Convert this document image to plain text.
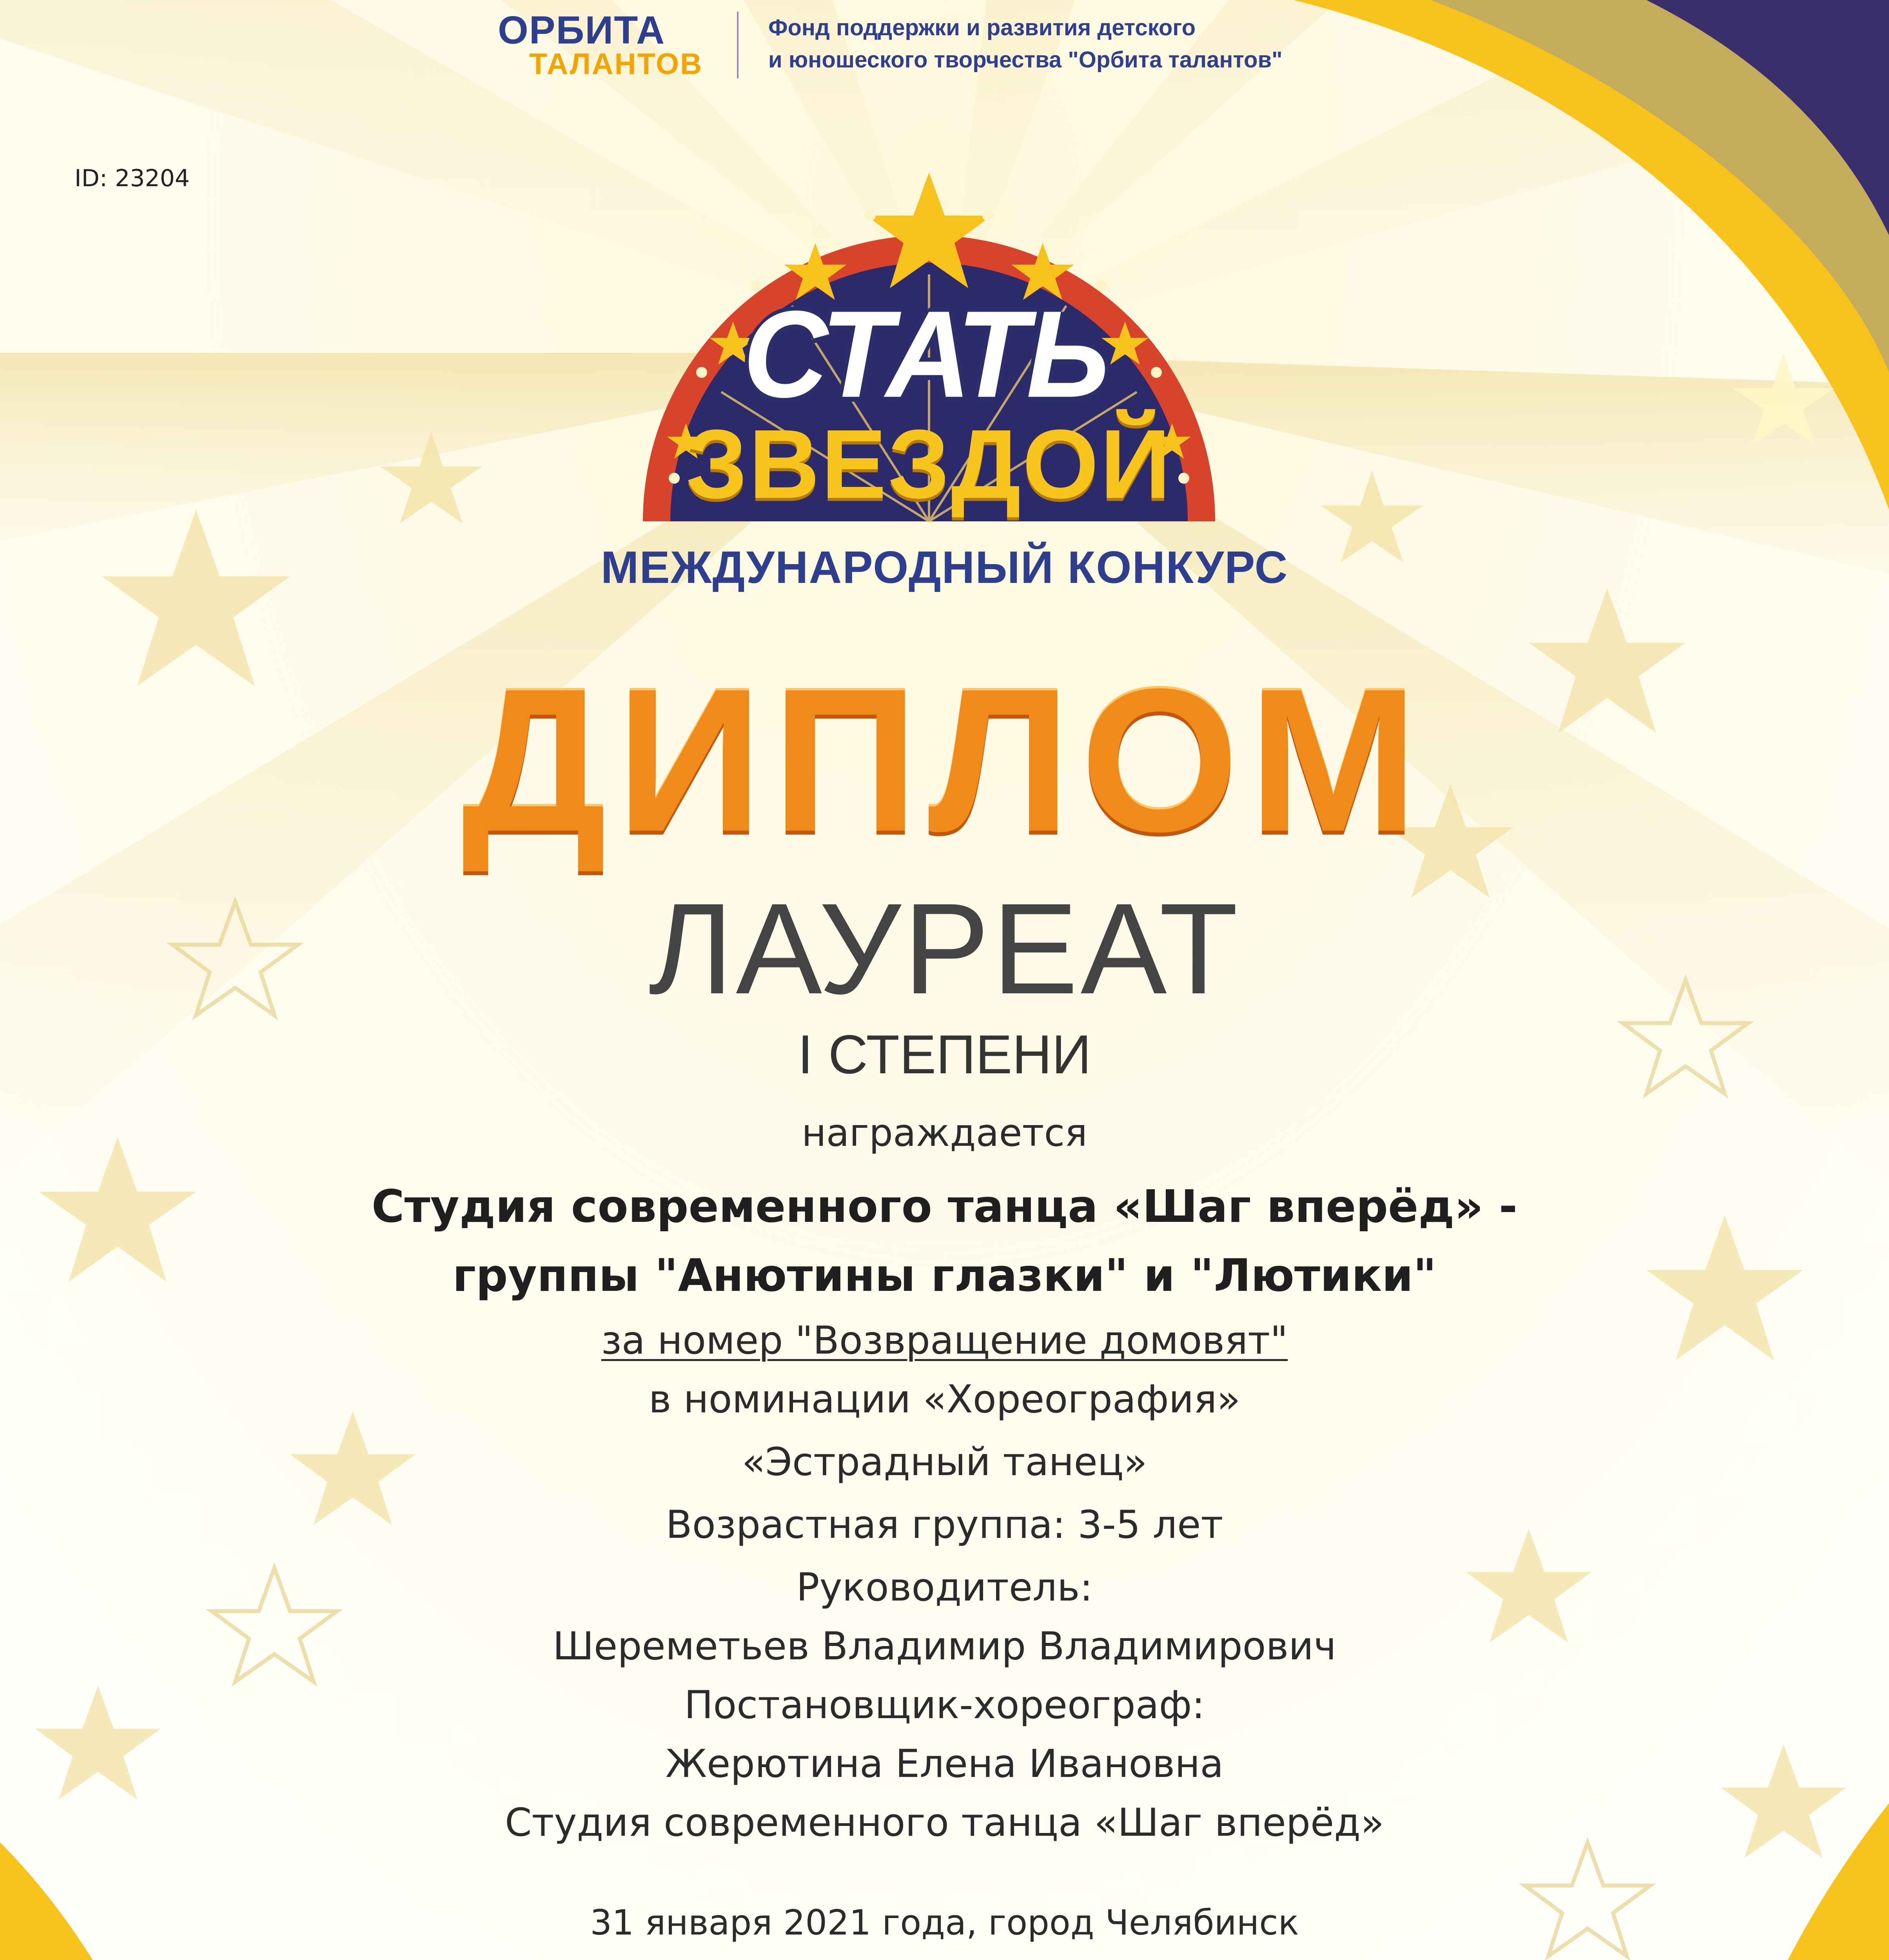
ОРБИТА
ТАЛАНТОВ
Фонд поддержки и развития детского
и юношеского творчества "Орбита талантов"
ID: 23204
СТАТЬ
ЗВЕЗДОЙ
МЕЖДУНАРОДНЫЙ КОНКУРС
ДИПЛОМ
ЛАУРЕАТ
I СТЕПЕНИ
награждается
Студия современного танца «Шаг вперёд» -
группы "Анютины глазки" и "Лютики"
за номер "Возвращение домовят"
в номинации «Хореография»
«Эстрадный танец»
Возрастная группа: 3-5 лет
Руководитель:
Шереметьев Владимир Владимирович
Постановщик-хореограф:
Жерютина Елена Ивановна
Студия современного танца «Шаг вперёд»
31 января 2021 года, город Челябинск
